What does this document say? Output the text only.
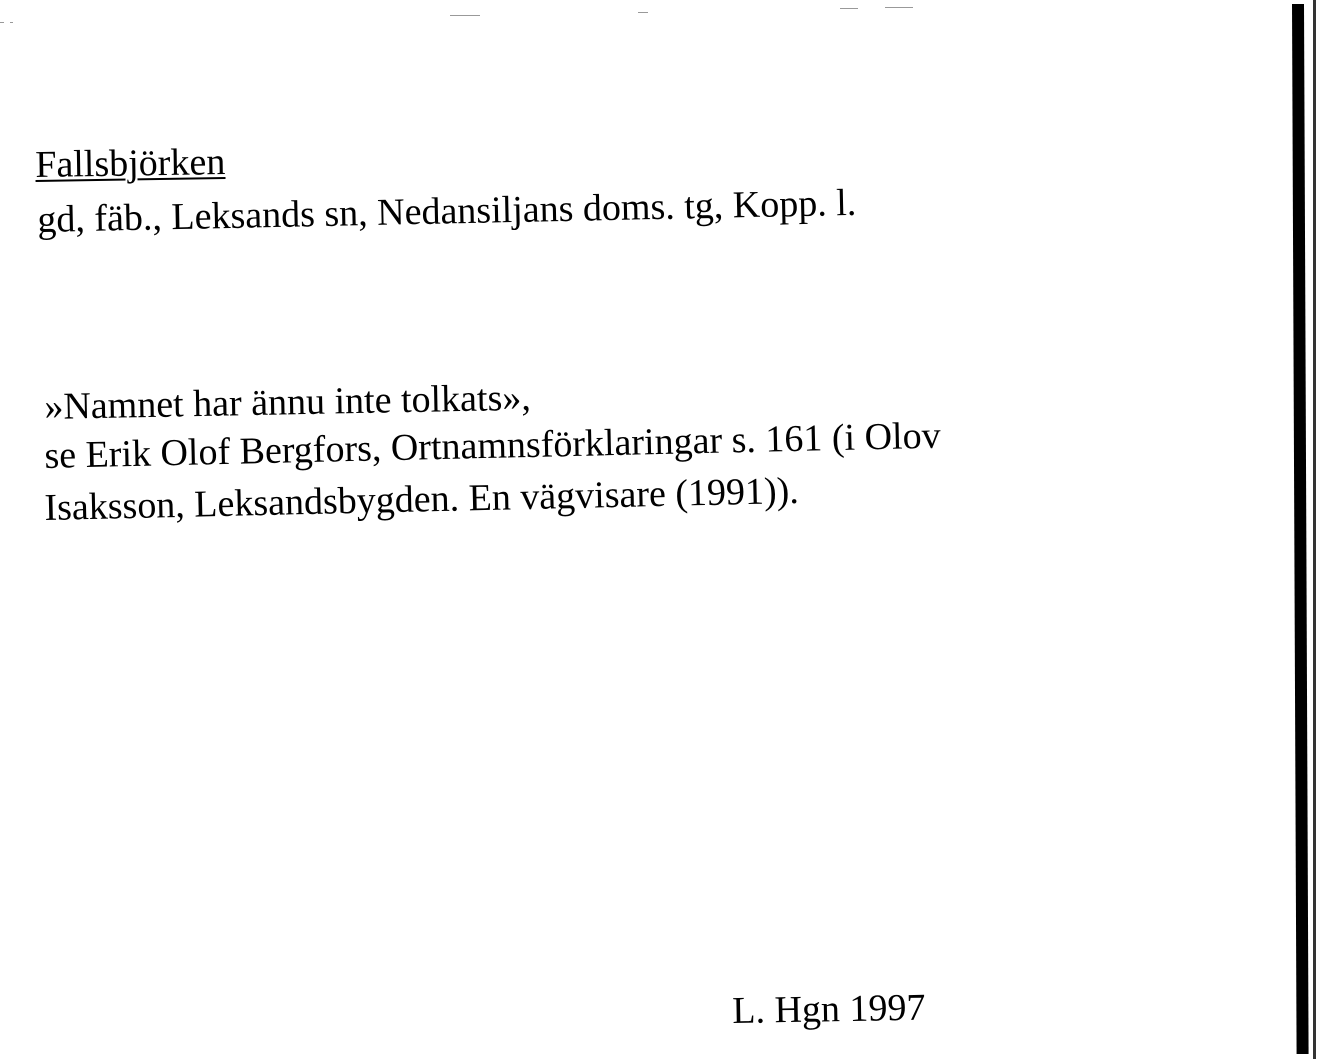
Fallsbjörken
gd, fäb., Leksands sn, Nedansiljans doms. tg, Kopp. l.
»Namnet har ännu inte tolkats»,
se Erik Olof Bergfors, Ortnamnsförklaringar s. 161 (i Olov
Isaksson, Leksandsbygden. En vägvisare (1991)).
L. Hgn 1997
